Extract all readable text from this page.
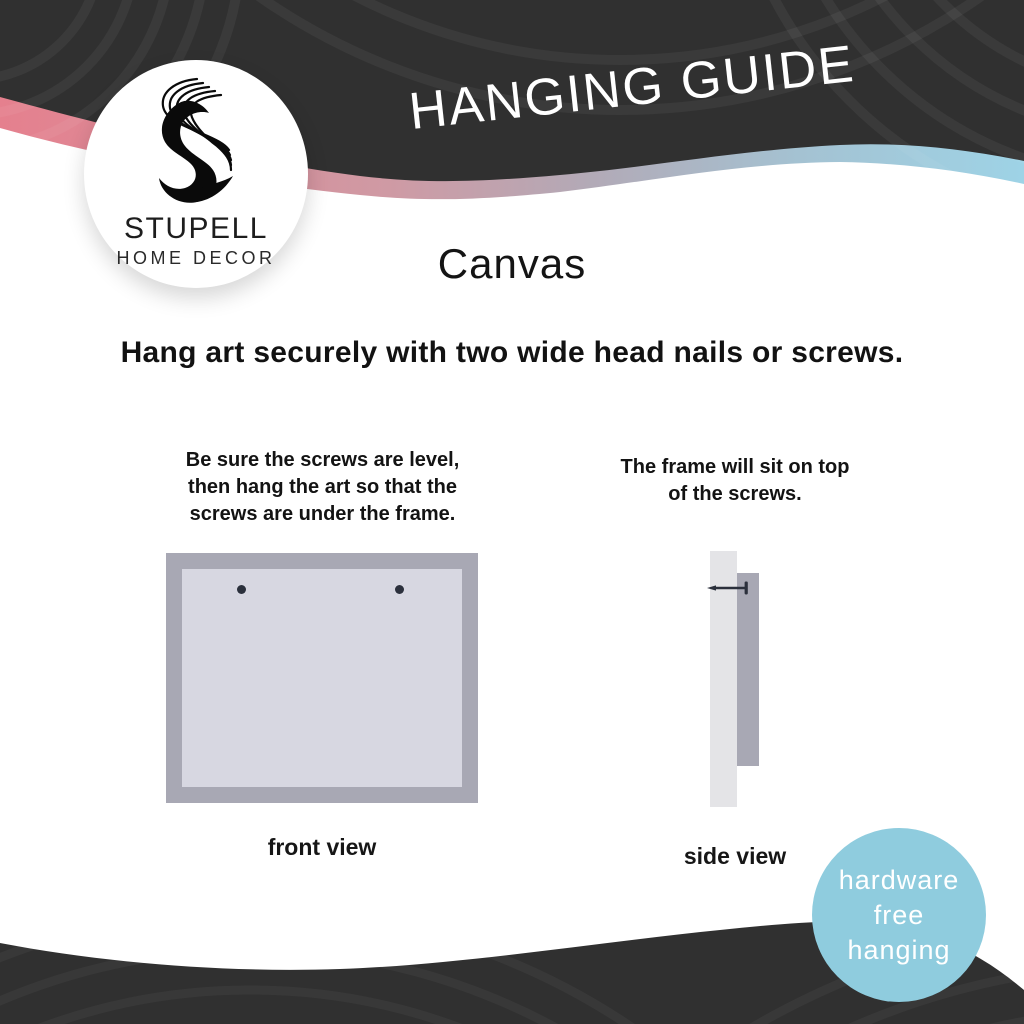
HANGING GUIDE
STUPELL
HOME DECOR	Canvas
Hang art securely with two wide head nails or screws.
Be sure the screws are level,
then hang the art so that the
screws are under the frame.
The frame will sit on top
of the screws.
front view	side view
hardware
free
hanging
